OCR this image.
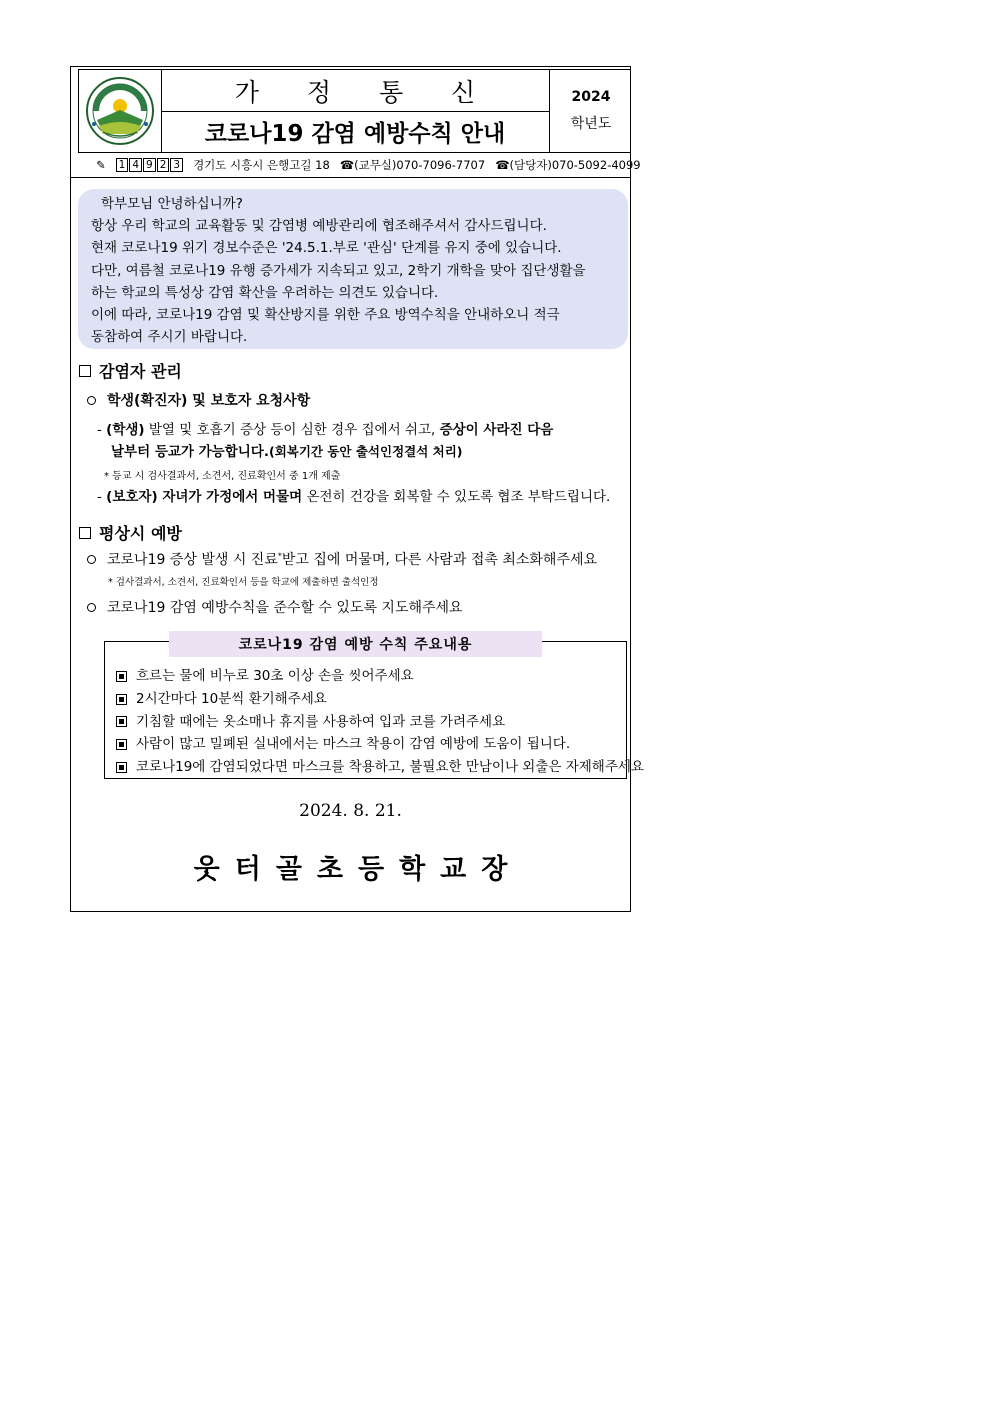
가 정 통 신
코로나19 감염 예방수칙 안내
2024
학년도
✎ 1 4 9 2 3 경기도 시흥시 은행고길 18 ☎(교무실)070-7096-7707 ☎(담당자)070-5092-4099
학부모님 안녕하십니까?
항상 우리 학교의 교육활동 및 감염병 예방관리에 협조해주셔서 감사드립니다.
현재 코로나19 위기 경보수준은 '24.5.1.부로 '관심' 단계를 유지 중에 있습니다.
다만, 여름철 코로나19 유행 증가세가 지속되고 있고, 2학기 개학을 맞아 집단생활을
하는 학교의 특성상 감염 확산을 우려하는 의견도 있습니다.
이에 따라, 코로나19 감염 및 확산방지를 위한 주요 방역수칙을 안내하오니 적극
동참하여 주시기 바랍니다.
감염자 관리
학생(확진자) 및 보호자 요청사항
- (학생) 발열 및 호흡기 증상 등이 심한 경우 집에서 쉬고, 증상이 사라진 다음
날부터 등교가 가능합니다.(회복기간 동안 출석인정결석 처리)
* 등교 시 검사결과서, 소견서, 진료확인서 중 1개 제출
- (보호자) 자녀가 가정에서 머물며 온전히 건강을 회복할 수 있도록 협조 부탁드립니다.
평상시 예방
코로나19 증상 발생 시 진료*받고 집에 머물며, 다른 사람과 접촉 최소화해주세요
* 검사결과서, 소견서, 진료확인서 등을 학교에 제출하면 출석인정
코로나19 감염 예방수칙을 준수할 수 있도록 지도해주세요
코로나19 감염 예방 수칙 주요내용
흐르는 물에 비누로 30초 이상 손을 씻어주세요
2시간마다 10분씩 환기해주세요
기침할 때에는 옷소매나 휴지를 사용하여 입과 코를 가려주세요
사람이 많고 밀폐된 실내에서는 마스크 착용이 감염 예방에 도움이 됩니다.
코로나19에 감염되었다면 마스크를 착용하고, 불필요한 만남이나 외출은 자제해주세요
2024. 8. 21.
웃터골초등학교장
